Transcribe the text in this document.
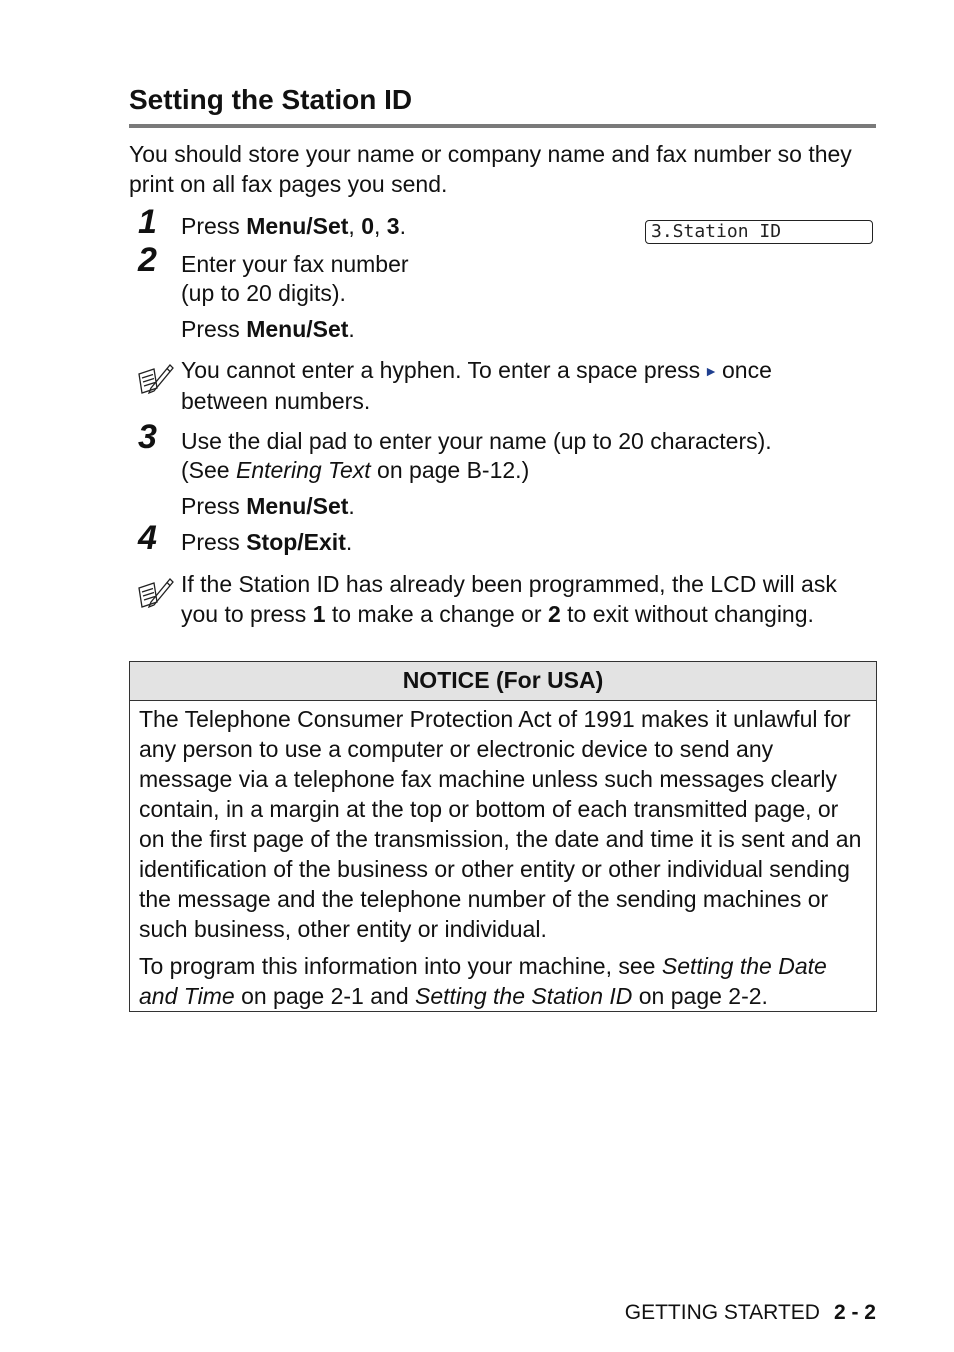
Setting the Station ID
You should store your name or company name and fax number so they print on all fax pages you send.
1 Press Menu/Set, 0, 3.	3.Station ID
2 Enter your fax number
(up to 20 digits).
Press Menu/Set.
You cannot enter a hyphen. To enter a space press ► once
between numbers.
3 Use the dial pad to enter your name (up to 20 characters).
(See Entering Text on page B-12.)
Press Menu/Set.
4 Press Stop/Exit.
If the Station ID has already been programmed, the LCD will ask
you to press 1 to make a change or 2 to exit without changing.
NOTICE (For USA)

The Telephone Consumer Protection Act of 1991 makes it unlawful for any person to use a computer or electronic device to send any message via a telephone fax machine unless such messages clearly contain, in a margin at the top or bottom of each transmitted page, or on the first page of the transmission, the date and time it is sent and an identification of the business or other entity or other individual sending the message and the telephone number of the sending machines or such business, other entity or individual.

To program this information into your machine, see Setting the Date and Time on page 2-1 and Setting the Station ID on page 2-2.

GETTING STARTED 2 - 2
